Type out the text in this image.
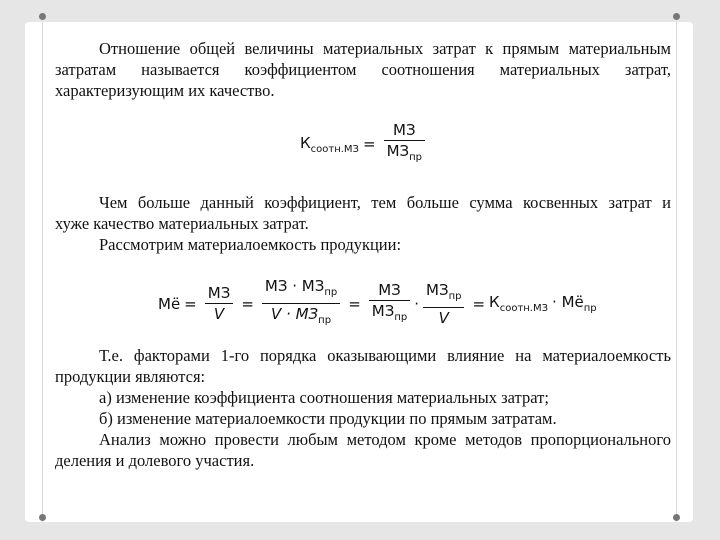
Отношение общей величины материальных затрат к прямым материальным
затратам называется коэффициентом соотношения материальных затрат,
характеризующим их качество.
$К_{соотн.МЗ} = \frac{МЗ}{МЗ_{пр}}$
Чем больше данный коэффициент, тем больше сумма косвенных затрат и
хуже качество материальных затрат.
Рассмотрим материалоемкость продукции:
Мё = $\frac{МЗ}{V} = \frac{МЗ \cdot МЗ_{пр}}{V \cdot МЗ_{пр}} = \frac{МЗ}{МЗ_{пр}} \cdot \frac{МЗ_{пр}}{V} = К_{соотн.МЗ} \cdot Мё_{пр}$
Т.е. факторами 1-го порядка оказывающими влияние на материалоемкость
продукции являются:
а) изменение коэффициента соотношения материальных затрат;
б) изменение материалоемкости продукции по прямым затратам.
Анализ можно провести любым методом кроме методов пропорционального
деления и долевого участия.
